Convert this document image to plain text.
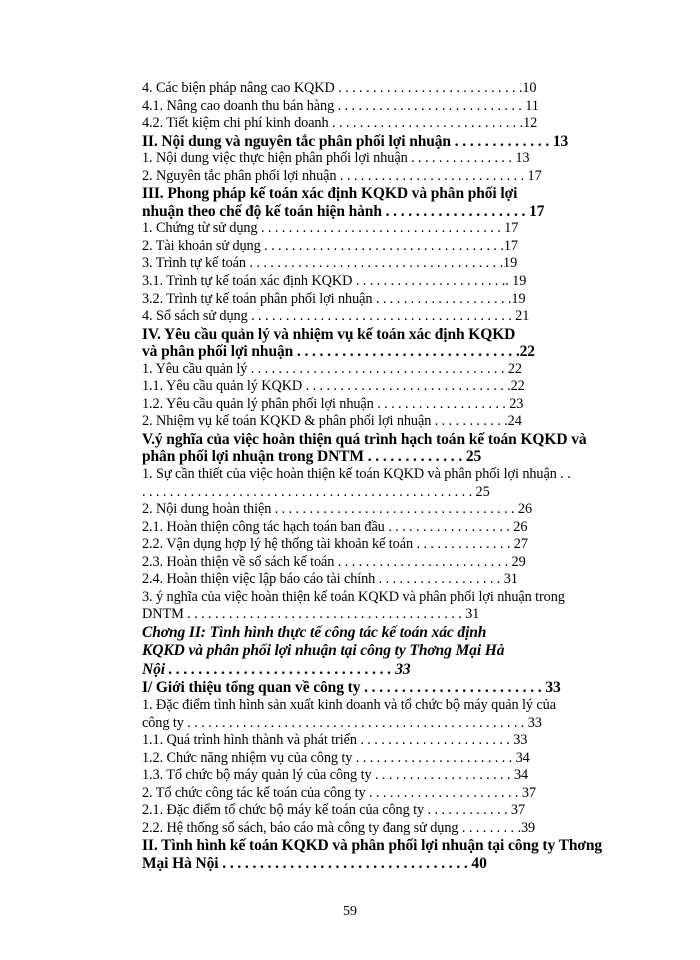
4. Các biện pháp nâng cao KQKD . . . . . . . . . . . . . . . . . . . . . . . . . . .10
4.1. Nâng cao doanh thu bán hàng . . . . . . . . . . . . . . . . . . . . . . . . . . . 11
4.2. Tiết kiệm chi phí kinh doanh . . . . . . . . . . . . . . . . . . . . . . . . . . . .12
II. Nội dung và nguyên tắc phân phối lợi nhuận . . . . . . . . . . . . . 13
1. Nội dung việc thực hiện phân phối lợi nhuận . . . . . . . . . . . . . . . 13
2. Nguyên tắc phân phối lợi nhuận . . . . . . . . . . . . . . . . . . . . . . . . . . . 17
III. Phong pháp kế toán xác định KQKD và phân phối lợi
nhuận theo chế độ kế toán hiện hành . . . . . . . . . . . . . . . . . . . 17
1. Chứng từ sử dụng . . . . . . . . . . . . . . . . . . . . . . . . . . . . . . . . . . . 17
2. Tài khoản sử dụng . . . . . . . . . . . . . . . . . . . . . . . . . . . . . . . . . . .17
3. Trình tự kế toán . . . . . . . . . . . . . . . . . . . . . . . . . . . . . . . . . . . . .19
3.1. Trình tự kế toán xác định KQKD . . . . . . . . . . . . . . . . . . . . . .. 19
3.2. Trình tự kế toán phân phối lợi nhuận . . . . . . . . . . . . . . . . . . . .19
4. Sổ sách sử dụng . . . . . . . . . . . . . . . . . . . . . . . . . . . . . . . . . . . . . . 21
IV. Yêu cầu quản lý và nhiệm vụ kế toán xác định KQKD
và phân phối lợi nhuận . . . . . . . . . . . . . . . . . . . . . . . . . . . . . .22
1. Yêu cầu quản lý . . . . . . . . . . . . . . . . . . . . . . . . . . . . . . . . . . . . . 22
1.1. Yêu cầu quản lý KQKD . . . . . . . . . . . . . . . . . . . . . . . . . . . . . .22
1.2. Yêu cầu quản lý phân phối lợi nhuận . . . . . . . . . . . . . . . . . . . 23
2. Nhiệm vụ kế toán KQKD & phân phối lợi nhuận . . . . . . . . . . .24
V.ý nghĩa của việc hoàn thiện quá trình hạch toán kế toán KQKD và
phân phối lợi nhuận trong DNTM . . . . . . . . . . . . . 25
1. Sự cần thiết của việc hoàn thiện kế toán KQKD và phân phối lợi nhuận . .
. . . . . . . . . . . . . . . . . . . . . . . . . . . . . . . . . . . . . . . . . . . . . . . . 25
2. Nội dung hoàn thiện . . . . . . . . . . . . . . . . . . . . . . . . . . . . . . . . . . . 26
2.1. Hoàn thiện công tác hạch toán ban đầu . . . . . . . . . . . . . . . . . . 26
2.2. Vận dụng hợp lý hệ thống tài khoản kế toán . . . . . . . . . . . . . . 27
2.3. Hoàn thiện về sổ sách kế toán . . . . . . . . . . . . . . . . . . . . . . . . . 29
2.4. Hoàn thiện việc lập báo cáo tài chính . . . . . . . . . . . . . . . . . . 31
3. ý nghĩa của việc hoàn thiện kế toán KQKD và phân phối lợi nhuận trong
DNTM . . . . . . . . . . . . . . . . . . . . . . . . . . . . . . . . . . . . . . . . 31
Chơng II: Tình hình thực tế công tác kế toán xác định
KQKD và phân phối lợi nhuận tại công ty Thơng Mại Hà
Nội . . . . . . . . . . . . . . . . . . . . . . . . . . . . . . 33
I/ Giới thiệu tổng quan về công ty . . . . . . . . . . . . . . . . . . . . . . . . 33
1. Đặc điểm tình hình sản xuất kinh doanh và tổ chức bộ máy quản lý của
công ty . . . . . . . . . . . . . . . . . . . . . . . . . . . . . . . . . . . . . . . . . . . . . . . . . 33
1.1. Quá trình hình thành và phát triển . . . . . . . . . . . . . . . . . . . . . . 33
1.2. Chức năng nhiệm vụ của công ty . . . . . . . . . . . . . . . . . . . . . . . 34
1.3. Tổ chức bộ máy quản lý của công ty . . . . . . . . . . . . . . . . . . . . 34
2. Tổ chức công tác kế toán của công ty . . . . . . . . . . . . . . . . . . . . . . 37
2.1. Đặc điểm tổ chức bộ máy kế toán của công ty . . . . . . . . . . . . 37
2.2. Hệ thống sổ sách, báo cáo mà công ty đang sử dụng . . . . . . . . .39
II. Tình hình kế toán KQKD và phân phối lợi nhuận tại công ty Thơng
Mại Hà Nội . . . . . . . . . . . . . . . . . . . . . . . . . . . . . . . . . 40
59
